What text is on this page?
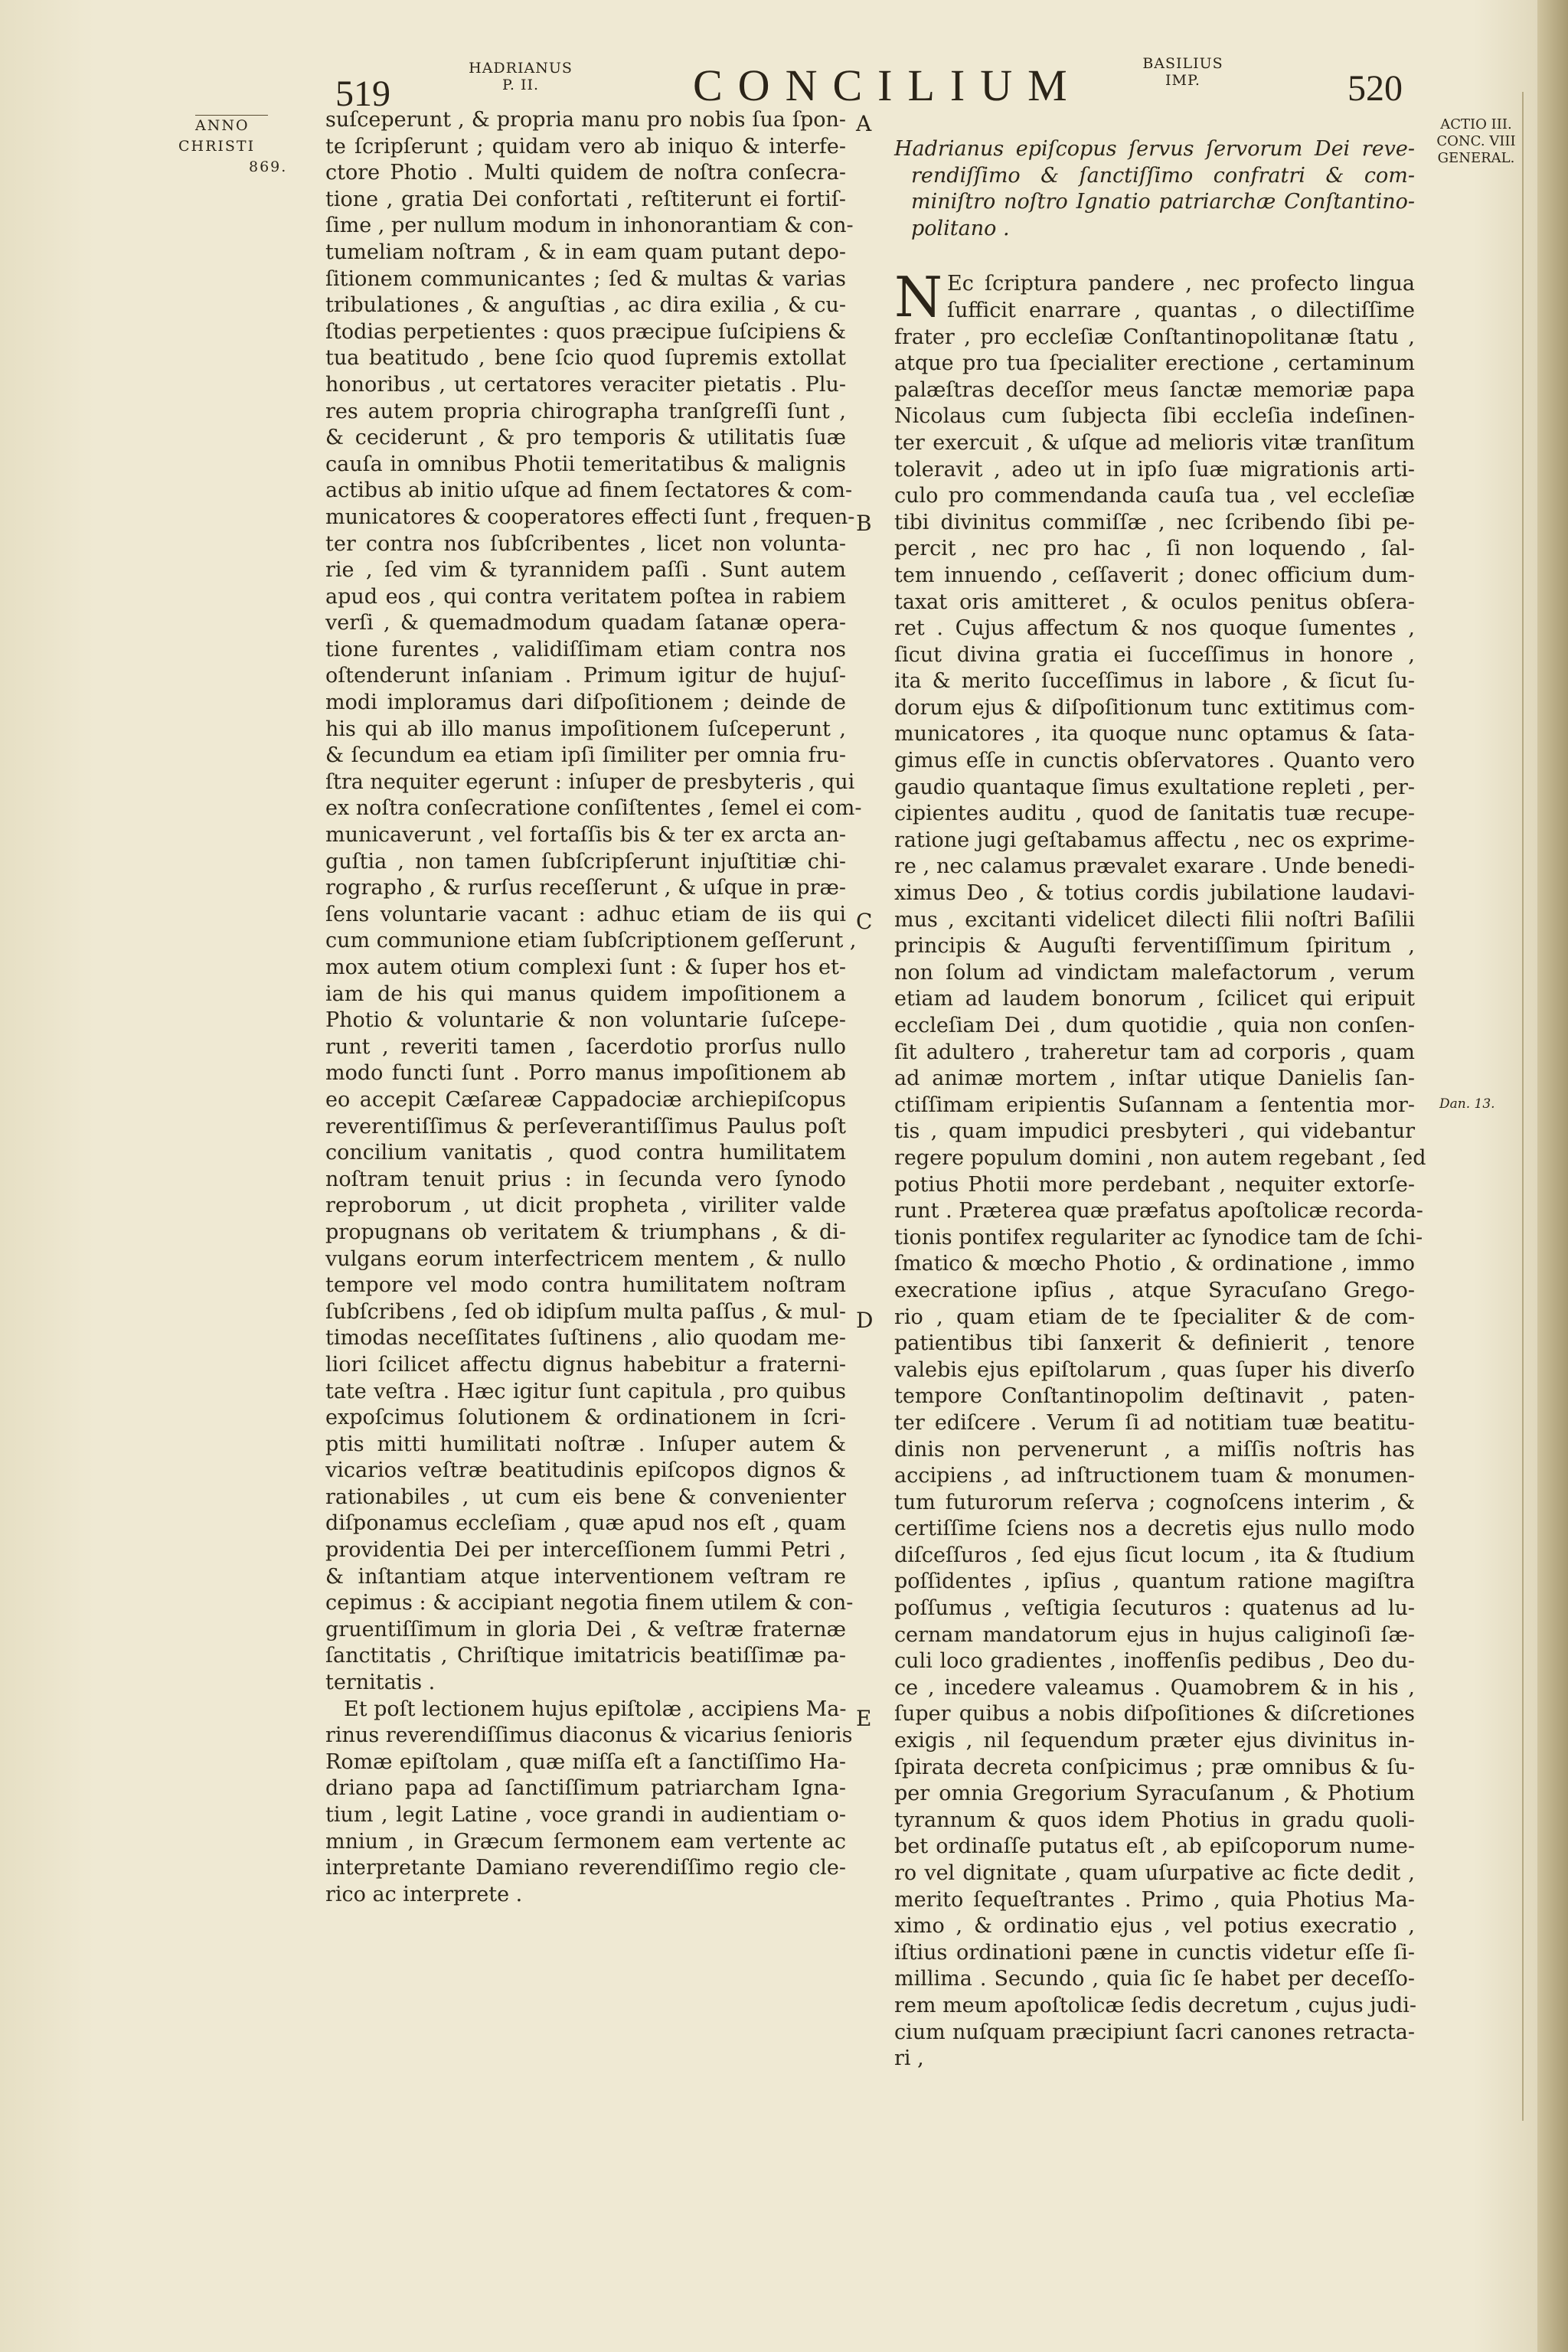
519
HADRIANUS
P. II.	CONCILIUM	BASILIUS
IMP.	520
ANNO
CHRISTI
869.
ACTIO III.
CONC. VIII
GENERAL.
Dan. 13.
A
B
C
D
E
suſceperunt , & propria manu pro nobis ſua ſpon-
te ſcripſerunt ; quidam vero ab iniquo & interfe-
ctore Photio . Multi quidem de noſtra conſecra-
tione , gratia Dei confortati , reſtiterunt ei fortiſ-
ſime , per nullum modum in inhonorantiam & con-
tumeliam noſtram , & in eam quam putant depo-
ſitionem communicantes ; ſed & multas & varias
tribulationes , & anguſtias , ac dira exilia , & cu-
ſtodias perpetientes : quos præcipue ſuſcipiens &
tua beatitudo , bene ſcio quod ſupremis extollat
honoribus , ut certatores veraciter pietatis . Plu-
res autem propria chirographa tranſgreſſi ſunt ,
& ceciderunt , & pro temporis & utilitatis ſuæ
cauſa in omnibus Photii temeritatibus & malignis
actibus ab initio uſque ad finem ſectatores & com-
municatores & cooperatores effecti ſunt , frequen-
ter contra nos ſubſcribentes , licet non volunta-
rie , ſed vim & tyrannidem paſſi . Sunt autem
apud eos , qui contra veritatem poſtea in rabiem
verſi , & quemadmodum quadam ſatanæ opera-
tione furentes , validiſſimam etiam contra nos
oſtenderunt inſaniam . Primum igitur de hujuſ-
modi imploramus dari diſpoſitionem ; deinde de
his qui ab illo manus impoſitionem ſuſceperunt ,
& ſecundum ea etiam ipſi ſimiliter per omnia fru-
ſtra nequiter egerunt : inſuper de presbyteris , qui
ex noſtra conſecratione conſiſtentes , ſemel ei com-
municaverunt , vel fortaſſis bis & ter ex arcta an-
guſtia , non tamen ſubſcripſerunt injuſtitiæ chi-
rographo , & rurſus receſſerunt , & uſque in præ-
ſens voluntarie vacant : adhuc etiam de iis qui
cum communione etiam ſubſcriptionem geſſerunt ,
mox autem otium complexi ſunt : & ſuper hos et-
iam de his qui manus quidem impoſitionem a
Photio & voluntarie & non voluntarie ſuſcepe-
runt , reveriti tamen , ſacerdotio prorſus nullo
modo functi ſunt . Porro manus impoſitionem ab
eo accepit Cæſareæ Cappadociæ archiepiſcopus
reverentiſſimus & perſeverantiſſimus Paulus poſt
concilium vanitatis , quod contra humilitatem
noſtram tenuit prius : in ſecunda vero ſynodo
reproborum , ut dicit propheta , viriliter valde
propugnans ob veritatem & triumphans , & di-
vulgans eorum interfectricem mentem , & nullo
tempore vel modo contra humilitatem noſtram
ſubſcribens , ſed ob idipſum multa paſſus , & mul-
timodas neceſſitates ſuſtinens , alio quodam me-
liori ſcilicet affectu dignus habebitur a fraterni-
tate veſtra . Hæc igitur ſunt capitula , pro quibus
expoſcimus ſolutionem & ordinationem in ſcri-
ptis mitti humilitati noſtræ . Inſuper autem &
vicarios veſtræ beatitudinis epiſcopos dignos &
rationabiles , ut cum eis bene & convenienter
diſponamus eccleſiam , quæ apud nos eſt , quam
providentia Dei per interceſſionem ſummi Petri ,
& inſtantiam atque interventionem veſtram re
cepimus : & accipiant negotia finem utilem & con-
gruentiſſimum in gloria Dei , & veſtræ fraternæ
ſanctitatis , Chriſtique imitatricis beatiſſimæ pa-
ternitatis .
Et poſt lectionem hujus epiſtolæ , accipiens Ma-
rinus reverendiſſimus diaconus & vicarius ſenioris
Romæ epiſtolam , quæ miſſa eſt a ſanctiſſimo Ha-
driano papa ad ſanctiſſimum patriarcham Igna-
tium , legit Latine , voce grandi in audientiam o-
mnium , in Græcum ſermonem eam vertente ac
interpretante Damiano reverendiſſimo regio cle-
rico ac interprete .
Hadrianus epiſcopus ſervus ſervorum Dei reve-
rendiſſimo & ſanctiſſimo confratri & com-
miniſtro noſtro Ignatio patriarchæ Conſtantino-
politano .
N Ec ſcriptura pandere , nec profecto lingua
ſufficit enarrare , quantas , o dilectiſſime
frater , pro eccleſiæ Conſtantinopolitanæ ſtatu ,
atque pro tua ſpecialiter erectione , certaminum
palæſtras deceſſor meus ſanctæ memoriæ papa
Nicolaus cum ſubjecta ſibi eccleſia indeſinen-
ter exercuit , & uſque ad melioris vitæ tranſitum
toleravit , adeo ut in ipſo ſuæ migrationis arti-
culo pro commendanda cauſa tua , vel eccleſiæ
tibi divinitus commiſſæ , nec ſcribendo ſibi pe-
percit , nec pro hac , ſi non loquendo , ſal-
tem innuendo , ceſſaverit ; donec officium dum-
taxat oris amitteret , & oculos penitus obſera-
ret . Cujus affectum & nos quoque ſumentes ,
ſicut divina gratia ei ſucceſſimus in honore ,
ita & merito ſucceſſimus in labore , & ſicut ſu-
dorum ejus & diſpoſitionum tunc extitimus com-
municatores , ita quoque nunc optamus & ſata-
gimus eſſe in cunctis obſervatores . Quanto vero
gaudio quantaque ſimus exultatione repleti , per-
cipientes auditu , quod de ſanitatis tuæ recupe-
ratione jugi geſtabamus affectu , nec os exprime-
re , nec calamus prævalet exarare . Unde benedi-
ximus Deo , & totius cordis jubilatione laudavi-
mus , excitanti videlicet dilecti filii noſtri Baſilii
principis & Auguſti ferventiſſimum ſpiritum ,
non ſolum ad vindictam malefactorum , verum
etiam ad laudem bonorum , ſcilicet qui eripuit
eccleſiam Dei , dum quotidie , quia non conſen-
ſit adultero , traheretur tam ad corporis , quam
ad animæ mortem , inſtar utique Danielis ſan-
ctiſſimam eripientis Suſannam a ſententia mor-
tis , quam impudici presbyteri , qui videbantur
regere populum domini , non autem regebant , ſed
potius Photii more perdebant , nequiter extorſe-
runt . Præterea quæ præfatus apoſtolicæ recorda-
tionis pontifex regulariter ac ſynodice tam de ſchi-
ſmatico & mœcho Photio , & ordinatione , immo
execratione ipſius , atque Syracuſano Grego-
rio , quam etiam de te ſpecialiter & de com-
patientibus tibi ſanxerit & definierit , tenore
valebis ejus epiſtolarum , quas ſuper his diverſo
tempore Conſtantinopolim deſtinavit , paten-
ter ediſcere . Verum ſi ad notitiam tuæ beatitu-
dinis non pervenerunt , a miſſis noſtris has
accipiens , ad inſtructionem tuam & monumen-
tum futurorum reſerva ; cognoſcens interim , &
certiſſime ſciens nos a decretis ejus nullo modo
diſceſſuros , ſed ejus ſicut locum , ita & ſtudium
poſſidentes , ipſius , quantum ratione magiſtra
poſſumus , veſtigia ſecuturos : quatenus ad lu-
cernam mandatorum ejus in hujus caliginoſi ſæ-
culi loco gradientes , inoffenſis pedibus , Deo du-
ce , incedere valeamus . Quamobrem & in his ,
ſuper quibus a nobis diſpoſitiones & diſcretiones
exigis , nil ſequendum præter ejus divinitus in-
ſpirata decreta conſpicimus ; præ omnibus & ſu-
per omnia Gregorium Syracuſanum , & Photium
tyrannum & quos idem Photius in gradu quoli-
bet ordinaſſe putatus eſt , ab epiſcoporum nume-
ro vel dignitate , quam uſurpative ac ficte dedit ,
merito ſequeſtrantes . Primo , quia Photius Ma-
ximo , & ordinatio ejus , vel potius execratio ,
iſtius ordinationi pæne in cunctis videtur eſſe ſi-
millima . Secundo , quia ſic ſe habet per deceſſo-
rem meum apoſtolicæ ſedis decretum , cujus judi-
cium nuſquam præcipiunt ſacri canones retracta-
ri ,
